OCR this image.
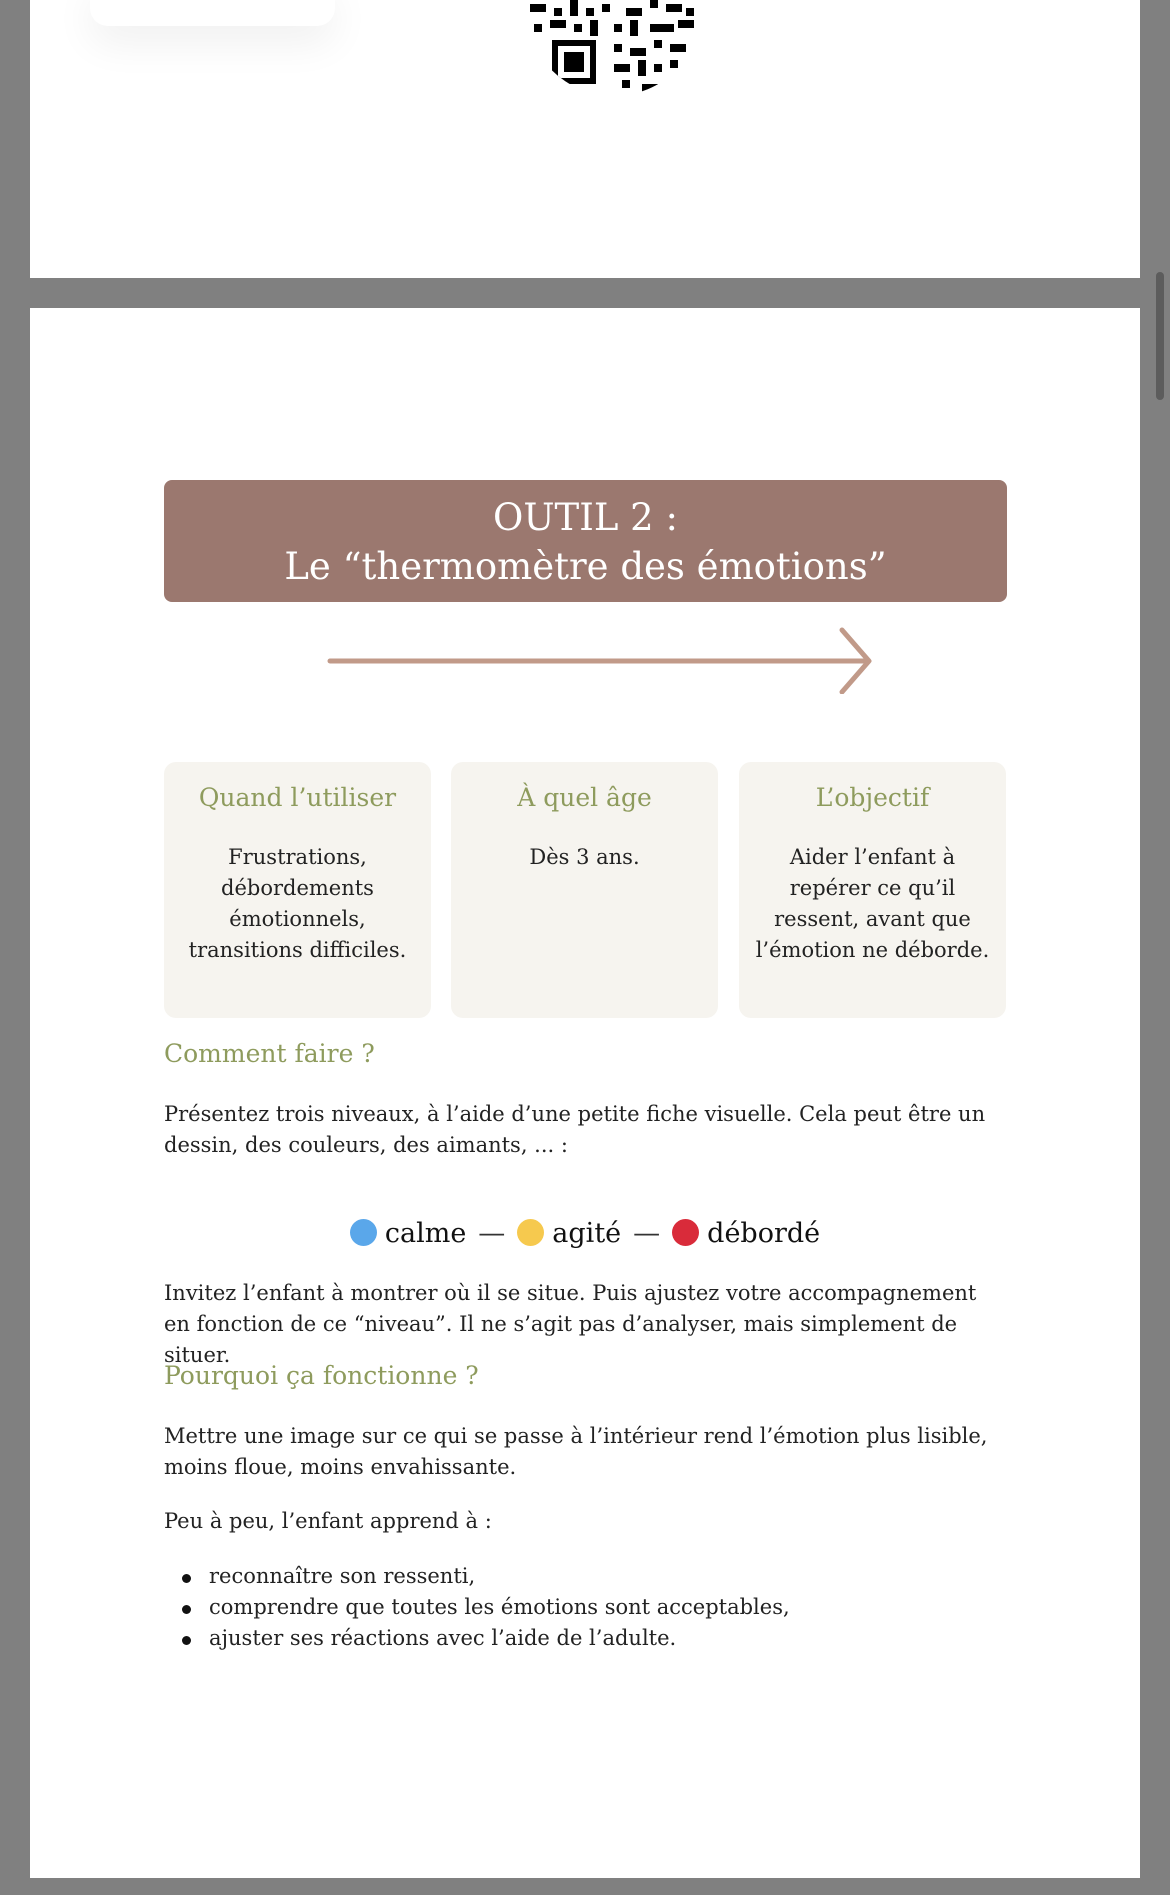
OUTIL 2 :
Le “thermomètre des émotions”
Quand l’utiliser

Frustrations, débordements émotionnels, transitions difficiles.

À quel âge

Dès 3 ans.

L’objectif

Aider l’enfant à repérer ce qu’il ressent, avant que l’émotion ne déborde.

Comment faire ?

Présentez trois niveaux, à l’aide d’une petite fiche visuelle. Cela peut être un dessin, des couleurs, des aimants, ... :

calme — agité — débordé

Invitez l’enfant à montrer où il se situe. Puis ajustez votre accompagnement en fonction de ce “niveau”. Il ne s’agit pas d’analyser, mais simplement de situer.

Pourquoi ça fonctionne ?

Mettre une image sur ce qui se passe à l’intérieur rend l’émotion plus lisible, moins floue, moins envahissante.

Peu à peu, l’enfant apprend à :

reconnaître son ressenti,
comprendre que toutes les émotions sont acceptables,
ajuster ses réactions avec l’aide de l’adulte.
